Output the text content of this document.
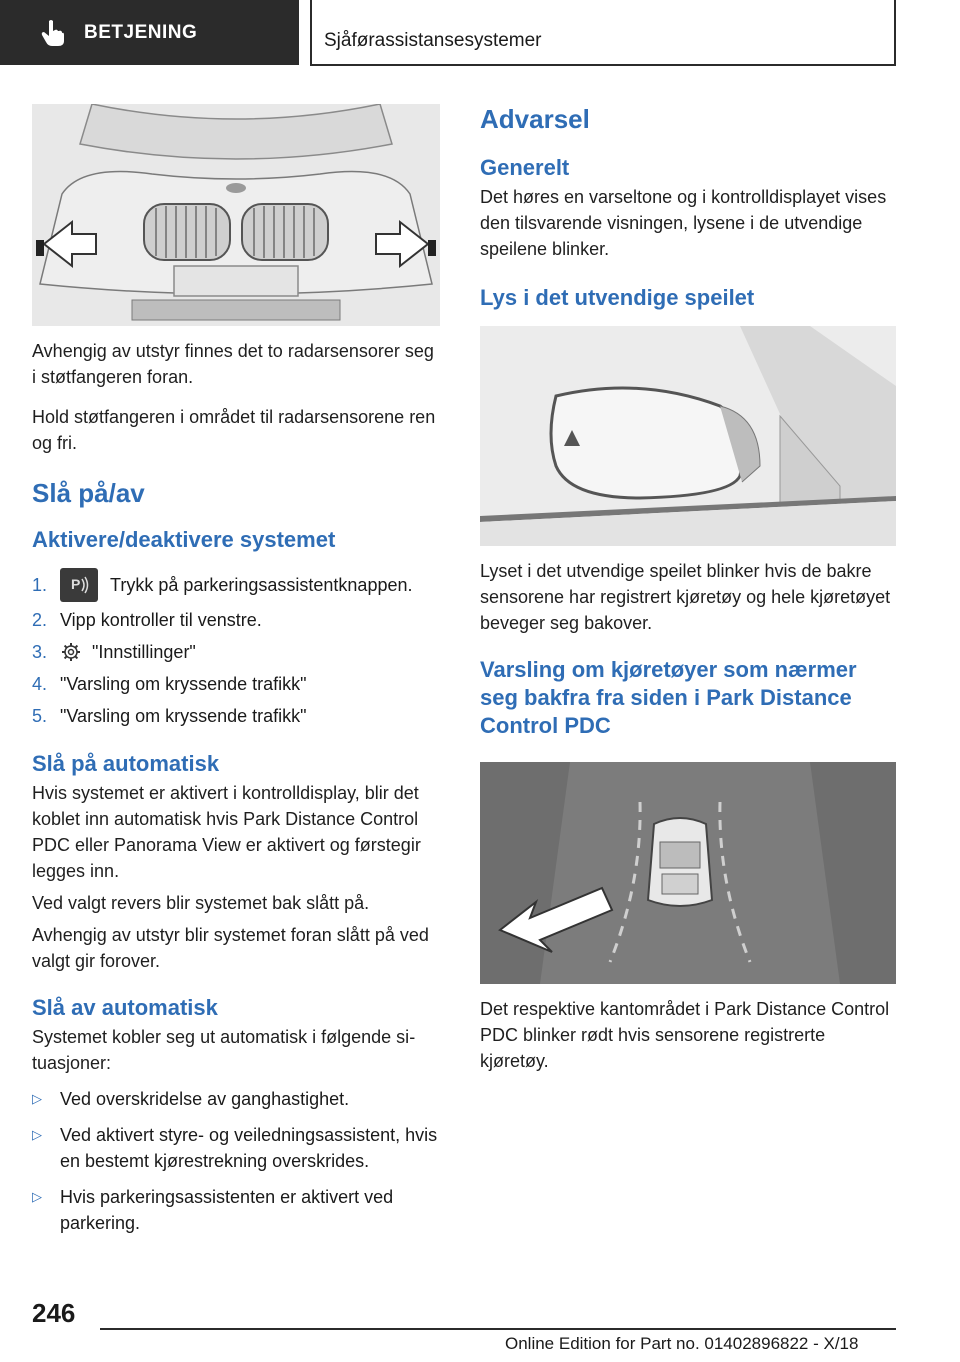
BETJENING	Sjåførassistansesystemer

Avhengig av utstyr finnes det to radarsensorer seg i støtfangeren foran.

Hold støtfangeren i området til radarsensorene ren og fri.

Slå på/av
Aktivere/deaktivere systemet
1.	P Trykk på parkeringsassistentknappen.
2. Vipp kontroller til venstre.
3.	"Innstillinger"
4. "Varsling om kryssende trafikk"
5. "Varsling om kryssende trafikk"
Slå på automatisk

Hvis systemet er aktivert i kontrolldisplay, blir det koblet inn automatisk hvis Park Distance Control PDC eller Panorama View er aktivert og førstegir legges inn.

Ved valgt revers blir systemet bak slått på.

Avhengig av utstyr blir systemet foran slått på ved valgt gir forover.

Slå av automatisk

Systemet kobler seg ut automatisk i følgende situasjoner:

▷	Ved overskridelse av ganghastighet.
▷	Ved aktivert styre- og veiledningsassistent, hvis en bestemt kjørestrekning overskrides.
▷	Hvis parkeringsassistenten er aktivert ved parkering.
Advarsel
Generelt

Det høres en varseltone og i kontrolldisplayet vises den tilsvarende visningen, lysene i de utvendige speilene blinker.

Lys i det utvendige speilet

Lyset i det utvendige speilet blinker hvis de bakre sensorene har registrert kjøretøy og hele kjøretøyet beveger seg bakover.

Varsling om kjøretøyer som nærmer seg bakfra fra siden i Park Distance Control PDC

Det respektive kantområdet i Park Distance Control PDC blinker rødt hvis sensorene registrerte kjøretøy.

246
Online Edition for Part no. 01402896822 - X/18
